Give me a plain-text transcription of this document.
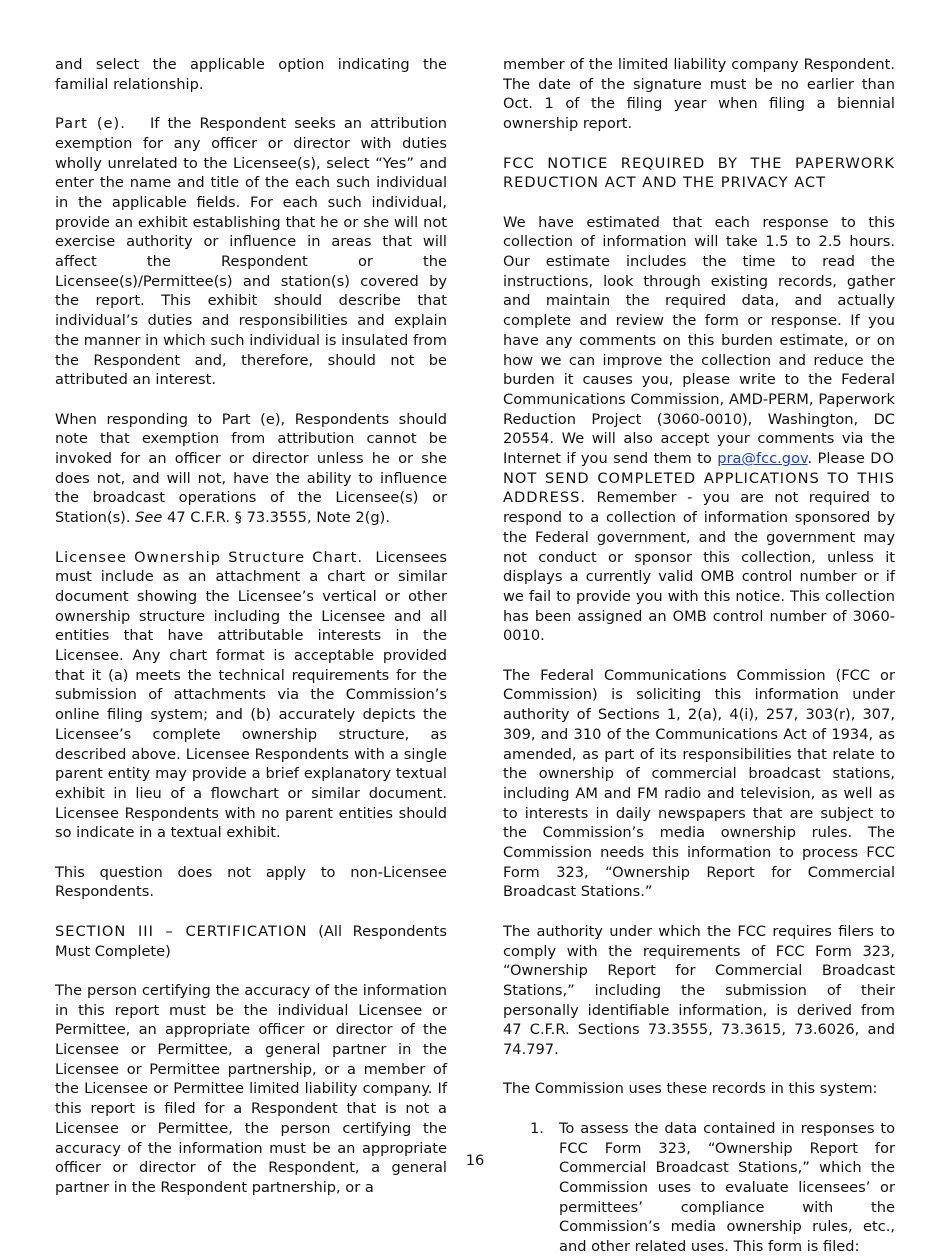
and select the applicable option indicating the familial relationship.

Part (e). If the Respondent seeks an attribution exemption for any officer or director with duties wholly unrelated to the Licensee(s), select “Yes” and enter the name and title of the each such individual in the applicable fields. For each such individual, provide an exhibit establishing that he or she will not exercise authority or influence in areas that will affect the Respondent or the Licensee(s)/Permittee(s) and station(s) covered by the report. This exhibit should describe that individual’s duties and responsibilities and explain the manner in which such individual is insulated from the Respondent and, therefore, should not be attributed an interest.

When responding to Part (e), Respondents should note that exemption from attribution cannot be invoked for an officer or director unless he or she does not, and will not, have the ability to influence the broadcast operations of the Licensee(s) or Station(s). See 47 C.F.R. § 73.3555, Note 2(g).

Licensee Ownership Structure Chart. Licensees must include as an attachment a chart or similar document showing the Licensee’s vertical or other ownership structure including the Licensee and all entities that have attributable interests in the Licensee. Any chart format is acceptable provided that it (a) meets the technical requirements for the submission of attachments via the Commission’s online filing system; and (b) accurately depicts the Licensee’s complete ownership structure, as described above. Licensee Respondents with a single parent entity may provide a brief explanatory textual exhibit in lieu of a flowchart or similar document. Licensee Respondents with no parent entities should so indicate in a textual exhibit.

This question does not apply to non-Licensee Respondents.

SECTION III – CERTIFICATION (All Respondents Must Complete)

The person certifying the accuracy of the information in this report must be the individual Licensee or Permittee, an appropriate officer or director of the Licensee or Permittee, a general partner in the Licensee or Permittee partnership, or a member of the Licensee or Permittee limited liability company. If this report is filed for a Respondent that is not a Licensee or Permittee, the person certifying the accuracy of the information must be an appropriate officer or director of the Respondent, a general partner in the Respondent partnership, or a

member of the limited liability company Respondent. The date of the signature must be no earlier than Oct. 1 of the filing year when filing a biennial ownership report.

FCC NOTICE REQUIRED BY THE PAPERWORK REDUCTION ACT AND THE PRIVACY ACT

We have estimated that each response to this collection of information will take 1.5 to 2.5 hours. Our estimate includes the time to read the instructions, look through existing records, gather and maintain the required data, and actually complete and review the form or response. If you have any comments on this burden estimate, or on how we can improve the collection and reduce the burden it causes you, please write to the Federal Communications Commission, AMD-PERM, Paperwork Reduction Project (3060-0010), Washington, DC 20554. We will also accept your comments via the Internet if you send them to pra@fcc.gov. Please DO NOT SEND COMPLETED APPLICATIONS TO THIS ADDRESS. Remember - you are not required to respond to a collection of information sponsored by the Federal government, and the government may not conduct or sponsor this collection, unless it displays a currently valid OMB control number or if we fail to provide you with this notice. This collection has been assigned an OMB control number of 3060-0010.

The Federal Communications Commission (FCC or Commission) is soliciting this information under authority of Sections 1, 2(a), 4(i), 257, 303(r), 307, 309, and 310 of the Communications Act of 1934, as amended, as part of its responsibilities that relate to the ownership of commercial broadcast stations, including AM and FM radio and television, as well as to interests in daily newspapers that are subject to the Commission’s media ownership rules. The Commission needs this information to process FCC Form 323, “Ownership Report for Commercial Broadcast Stations.”

The authority under which the FCC requires filers to comply with the requirements of FCC Form 323, “Ownership Report for Commercial Broadcast Stations,” including the submission of their personally identifiable information, is derived from 47 C.F.R. Sections 73.3555, 73.3615, 73.6026, and 74.797.

The Commission uses these records in this system:

1. To assess the data contained in responses to FCC Form 323, “Ownership Report for Commercial Broadcast Stations,” which the Commission uses to evaluate licensees’ or permittees’ compliance with the Commission’s media ownership rules, etc., and other related uses. This form is filed:
16
